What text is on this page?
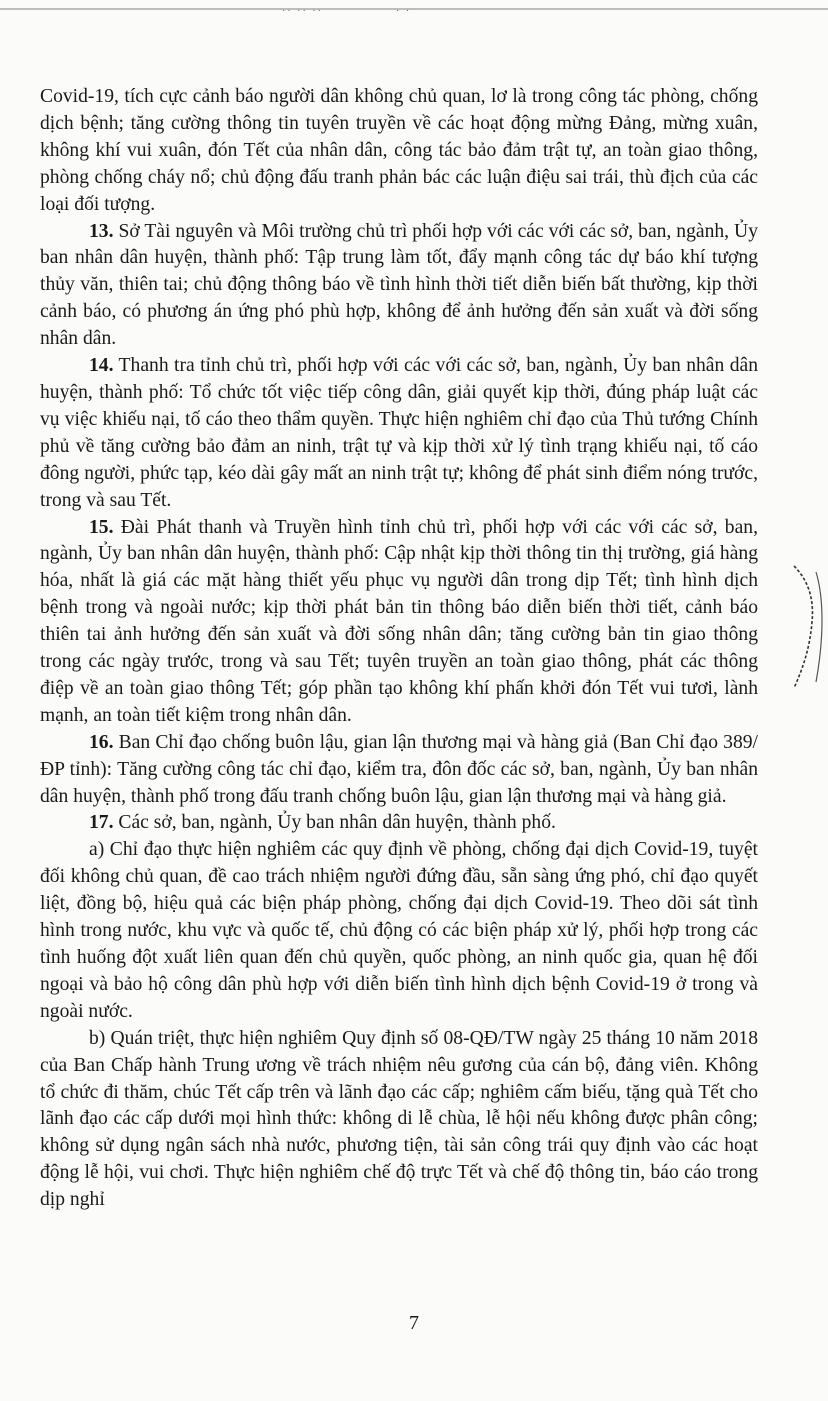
·· ·· ··	· ·

Covid-19, tích cực cảnh báo người dân không chủ quan, lơ là trong công tác phòng, chống dịch bệnh; tăng cường thông tin tuyên truyền về các hoạt động mừng Đảng, mừng xuân, không khí vui xuân, đón Tết của nhân dân, công tác bảo đảm trật tự, an toàn giao thông, phòng chống cháy nổ; chủ động đấu tranh phản bác các luận điệu sai trái, thù địch của các loại đối tượng.

13. Sở Tài nguyên và Môi trường chủ trì phối hợp với các với các sở, ban, ngành, Ủy ban nhân dân huyện, thành phố: Tập trung làm tốt, đẩy mạnh công tác dự báo khí tượng thủy văn, thiên tai; chủ động thông báo về tình hình thời tiết diễn biến bất thường, kịp thời cảnh báo, có phương án ứng phó phù hợp, không để ảnh hưởng đến sản xuất và đời sống nhân dân.

14. Thanh tra tỉnh chủ trì, phối hợp với các với các sở, ban, ngành, Ủy ban nhân dân huyện, thành phố: Tổ chức tốt việc tiếp công dân, giải quyết kịp thời, đúng pháp luật các vụ việc khiếu nại, tố cáo theo thẩm quyền. Thực hiện nghiêm chỉ đạo của Thủ tướng Chính phủ về tăng cường bảo đảm an ninh, trật tự và kịp thời xử lý tình trạng khiếu nại, tố cáo đông người, phức tạp, kéo dài gây mất an ninh trật tự; không để phát sinh điểm nóng trước, trong và sau Tết.

15. Đài Phát thanh và Truyền hình tỉnh chủ trì, phối hợp với các với các sở, ban, ngành, Ủy ban nhân dân huyện, thành phố: Cập nhật kịp thời thông tin thị trường, giá hàng hóa, nhất là giá các mặt hàng thiết yếu phục vụ người dân trong dịp Tết; tình hình dịch bệnh trong và ngoài nước; kịp thời phát bản tin thông báo diễn biến thời tiết, cảnh báo thiên tai ảnh hưởng đến sản xuất và đời sống nhân dân; tăng cường bản tin giao thông trong các ngày trước, trong và sau Tết; tuyên truyền an toàn giao thông, phát các thông điệp về an toàn giao thông Tết; góp phần tạo không khí phấn khởi đón Tết vui tươi, lành mạnh, an toàn tiết kiệm trong nhân dân.

16. Ban Chỉ đạo chống buôn lậu, gian lận thương mại và hàng giả (Ban Chỉ đạo 389/ĐP tỉnh): Tăng cường công tác chỉ đạo, kiểm tra, đôn đốc các sở, ban, ngành, Ủy ban nhân dân huyện, thành phố trong đấu tranh chống buôn lậu, gian lận thương mại và hàng giả.

17. Các sở, ban, ngành, Ủy ban nhân dân huyện, thành phố.

a) Chỉ đạo thực hiện nghiêm các quy định về phòng, chống đại dịch Covid-19, tuyệt đối không chủ quan, đề cao trách nhiệm người đứng đầu, sẵn sàng ứng phó, chỉ đạo quyết liệt, đồng bộ, hiệu quả các biện pháp phòng, chống đại dịch Covid-19. Theo dõi sát tình hình trong nước, khu vực và quốc tế, chủ động có các biện pháp xử lý, phối hợp trong các tình huống đột xuất liên quan đến chủ quyền, quốc phòng, an ninh quốc gia, quan hệ đối ngoại và bảo hộ công dân phù hợp với diễn biến tình hình dịch bệnh Covid-19 ở trong và ngoài nước.

b) Quán triệt, thực hiện nghiêm Quy định số 08-QĐ/TW ngày 25 tháng 10 năm 2018 của Ban Chấp hành Trung ương về trách nhiệm nêu gương của cán bộ, đảng viên. Không tổ chức đi thăm, chúc Tết cấp trên và lãnh đạo các cấp; nghiêm cấm biếu, tặng quà Tết cho lãnh đạo các cấp dưới mọi hình thức: không di lễ chùa, lễ hội nếu không được phân công; không sử dụng ngân sách nhà nước, phương tiện, tài sản công trái quy định vào các hoạt động lễ hội, vui chơi. Thực hiện nghiêm chế độ trực Tết và chế độ thông tin, báo cáo trong dịp nghỉ

7
